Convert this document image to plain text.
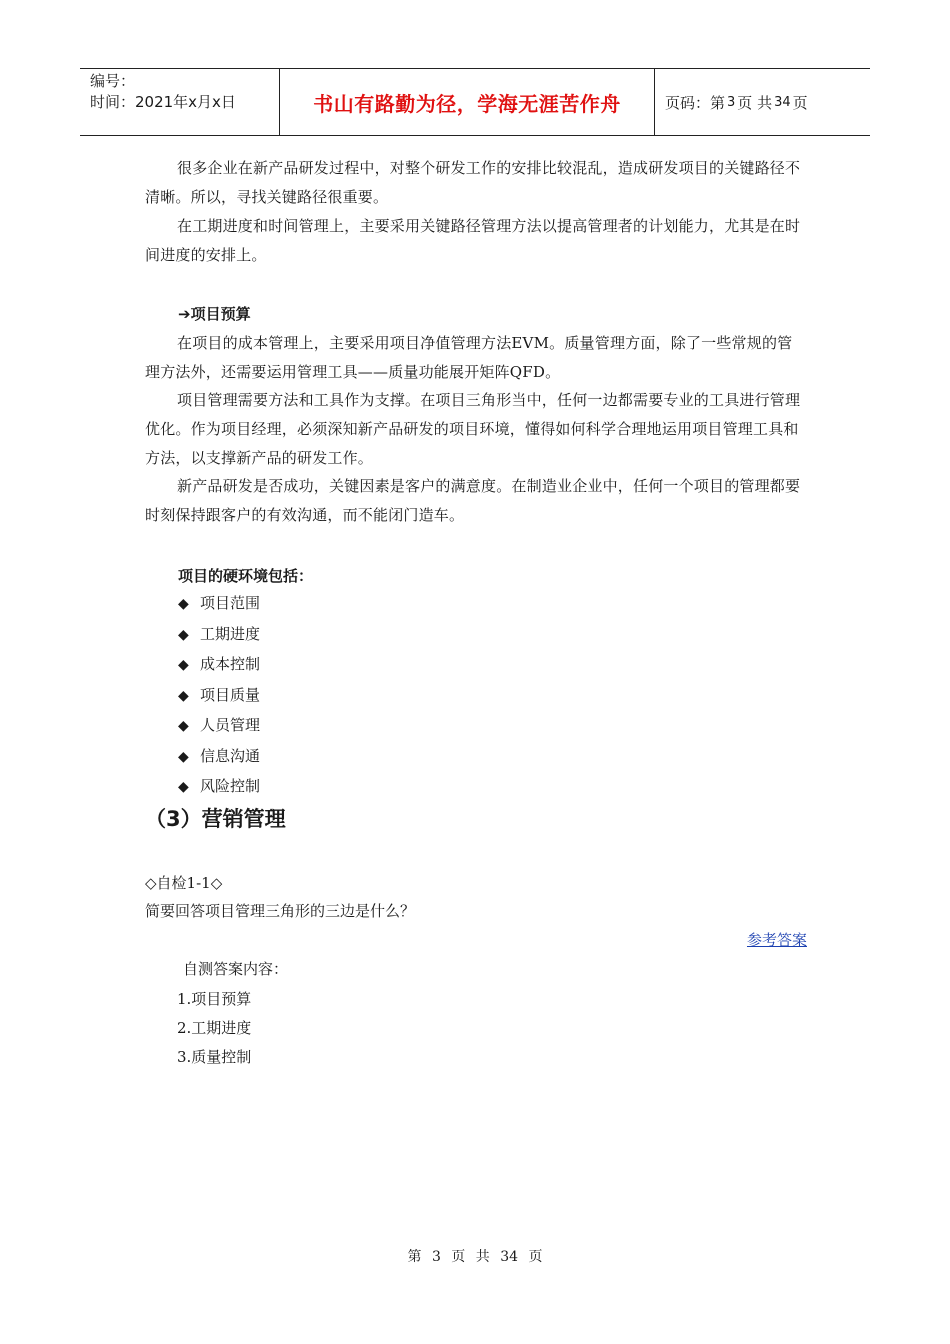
编号：
时间：2021年x月x日	书山有路勤为径，学海无涯苦作舟	页码：第 3 页 共 34 页

很多企业在新产品研发过程中，对整个研发工作的安排比较混乱，造成研发项目的关键路径不清晰。所以，寻找关键路径很重要。

在工期进度和时间管理上，主要采用关键路径管理方法以提高管理者的计划能力，尤其是在时间进度的安排上。

➔项目预算

在项目的成本管理上，主要采用项目净值管理方法EVM。质量管理方面，除了一些常规的管理方法外，还需要运用管理工具——质量功能展开矩阵QFD。

项目管理需要方法和工具作为支撑。在项目三角形当中，任何一边都需要专业的工具进行管理优化。作为项目经理，必须深知新产品研发的项目环境，懂得如何科学合理地运用项目管理工具和方法，以支撑新产品的研发工作。

新产品研发是否成功，关键因素是客户的满意度。在制造业企业中，任何一个项目的管理都要时刻保持跟客户的有效沟通，而不能闭门造车。

项目的硬环境包括：
◆ 项目范围
◆ 工期进度
◆ 成本控制
◆ 项目质量
◆ 人员管理
◆ 信息沟通
◆ 风险控制
（3）营销管理
◇自检1-1◇
简要回答项目管理三角形的三边是什么？
参考答案
自测答案内容：
1.项目预算
2.工期进度
3.质量控制
第 3 页 共 34 页
